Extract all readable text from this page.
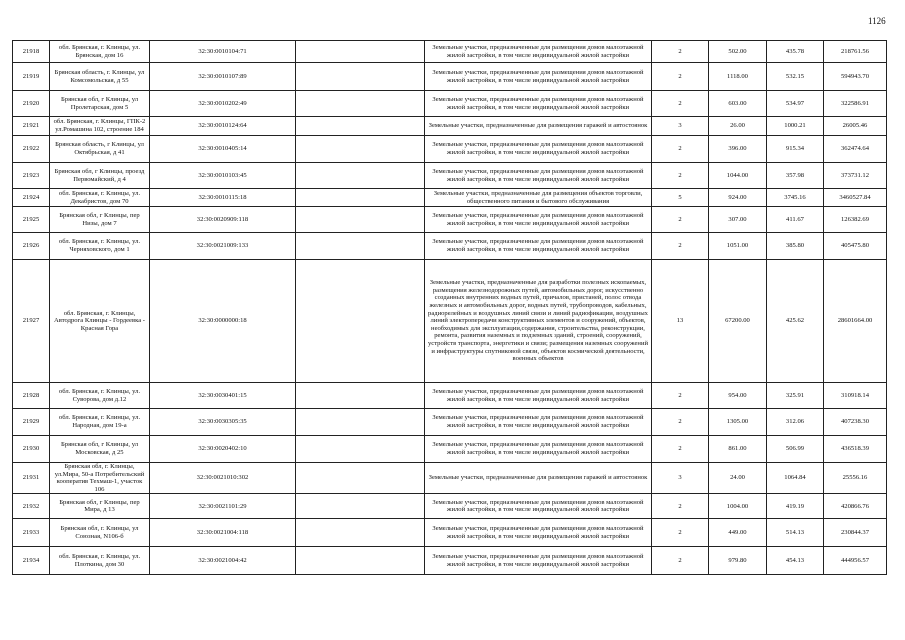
1126
21918	обл. Брянская, г. Клинцы, ул. Брянская, дом 16	32:30:0010104:71		Земельные участки, предназначенные для размещения домов малоэтажной жилой застройки, в том числе индивидуальной жилой застройки	2	502.00	435.78	218761.56
21919	Брянская область, г. Клинцы, ул Комсомольская, д 55	32:30:0010107:89		Земельные участки, предназначенные для размещения домов малоэтажной жилой застройки, в том числе индивидуальной жилой застройки	2	1118.00	532.15	594943.70
21920	Брянская обл, г Клинцы, ул Пролетарская, дом 5	32:30:0010202:49		Земельные участки, предназначенные для размещения домов малоэтажной жилой застройки, в том числе индивидуальной жилой застройки	2	603.00	534.97	322586.91
21921	обл. Брянская, г. Клинцы, ГПК-2 ул.Ромашина 102, строение 184	32:30:0010124:64		Земельные участки, предназначенные для размещения гаражей и автостоянок	3	26.00	1000.21	26005.46
21922	Брянская область, г Клинцы, ул Октябрьская, д 41	32:30:0010405:14		Земельные участки, предназначенные для размещения домов малоэтажной жилой застройки, в том числе индивидуальной жилой застройки	2	396.00	915.34	362474.64
21923	Брянская обл, г Клинцы, проезд Первомайский, д 4	32:30:0010103:45		Земельные участки, предназначенные для размещения домов малоэтажной жилой застройки, в том числе индивидуальной жилой застройки	2	1044.00	357.98	373731.12
21924	обл. Брянская, г. Клинцы, ул. Декабристов, дом 70	32:30:0010115:18		Земельные участки, предназначенные для размещения объектов торговли, общественного питания и бытового обслуживания	5	924.00	3745.16	3460527.84
21925	Брянская обл, г Клинцы, пер Низы, дом 7	32:30:0020909:118		Земельные участки, предназначенные для размещения домов малоэтажной жилой застройки, в том числе индивидуальной жилой застройки	2	307.00	411.67	126382.69
21926	обл. Брянская, г. Клинцы, ул. Черняховского, дом 1	32:30:0021009:133		Земельные участки, предназначенные для размещения домов малоэтажной жилой застройки, в том числе индивидуальной жилой застройки	2	1051.00	385.80	405475.80
21927	обл. Брянская, г. Клинцы, Автодрога Клинцы - Гордеевка - Красная Гора	32:30:0000000:18		Земельные участки, предназначенные для разработки полезных ископаемых, размещения железнодорожных путей, автомобильных дорог, искусственно созданных внутренних водных путей, причалов, пристаней, полос отвода железных и автомобильных дорог, водных путей, трубопроводов, кабельных, радиорелейных и воздушных линий связи и линий радиофикации, воздушных линий электропередачи конструктивных элементов и сооружений, объектов, необходимых для эксплуатации,содержания, строительства, реконструкции, ремонта, развития наземных и подземных зданий, строений, сооружений, устройств транспорта, энергетики и связи; размещения наземных сооружений и инфраструктуры спутниковой связи, объектов космической деятельности, военных объектов	13	67200.00	425.62	28601664.00
21928	обл. Брянская, г. Клинцы, ул. Суворова, дом д.12	32:30:0030401:15		Земельные участки, предназначенные для размещения домов малоэтажной жилой застройки, в том числе индивидуальной жилой застройки	2	954.00	325.91	310918.14
21929	обл. Брянская, г. Клинцы, ул. Народная, дом 19-а	32:30:0030305:35		Земельные участки, предназначенные для размещения домов малоэтажной жилой застройки, в том числе индивидуальной жилой застройки	2	1305.00	312.06	407238.30
21930	Брянская обл, г Клинцы, ул Московская, д 25	32:30:0020402:10		Земельные участки, предназначенные для размещения домов малоэтажной жилой застройки, в том числе индивидуальной жилой застройки	2	861.00	506.99	436518.39
21931	Брянская обл, г. Клинцы, ул.Мира, 50-а Потребительский кооператив Техмаш-1, участок 106	32:30:0021010:302		Земельные участки, предназначенные для размещения гаражей и автостоянок	3	24.00	1064.84	25556.16
21932	Брянская обл, г Клинцы, пер Мира, д 13	32:30:0021101:29		Земельные участки, предназначенные для размещения домов малоэтажной жилой застройки, в том числе индивидуальной жилой застройки	2	1004.00	419.19	420866.76
21933	Брянская обл, г. Клинцы, ул Союзная, N106-б	32:30:0021004:118		Земельные участки, предназначенные для размещения домов малоэтажной жилой застройки, в том числе индивидуальной жилой застройки	2	449.00	514.13	230844.37
21934	обл. Брянская, г. Клинцы, ул. Плоткина, дом 30	32:30:0021004:42		Земельные участки, предназначенные для размещения домов малоэтажной жилой застройки, в том числе индивидуальной жилой застройки	2	979.80	454.13	444956.57
